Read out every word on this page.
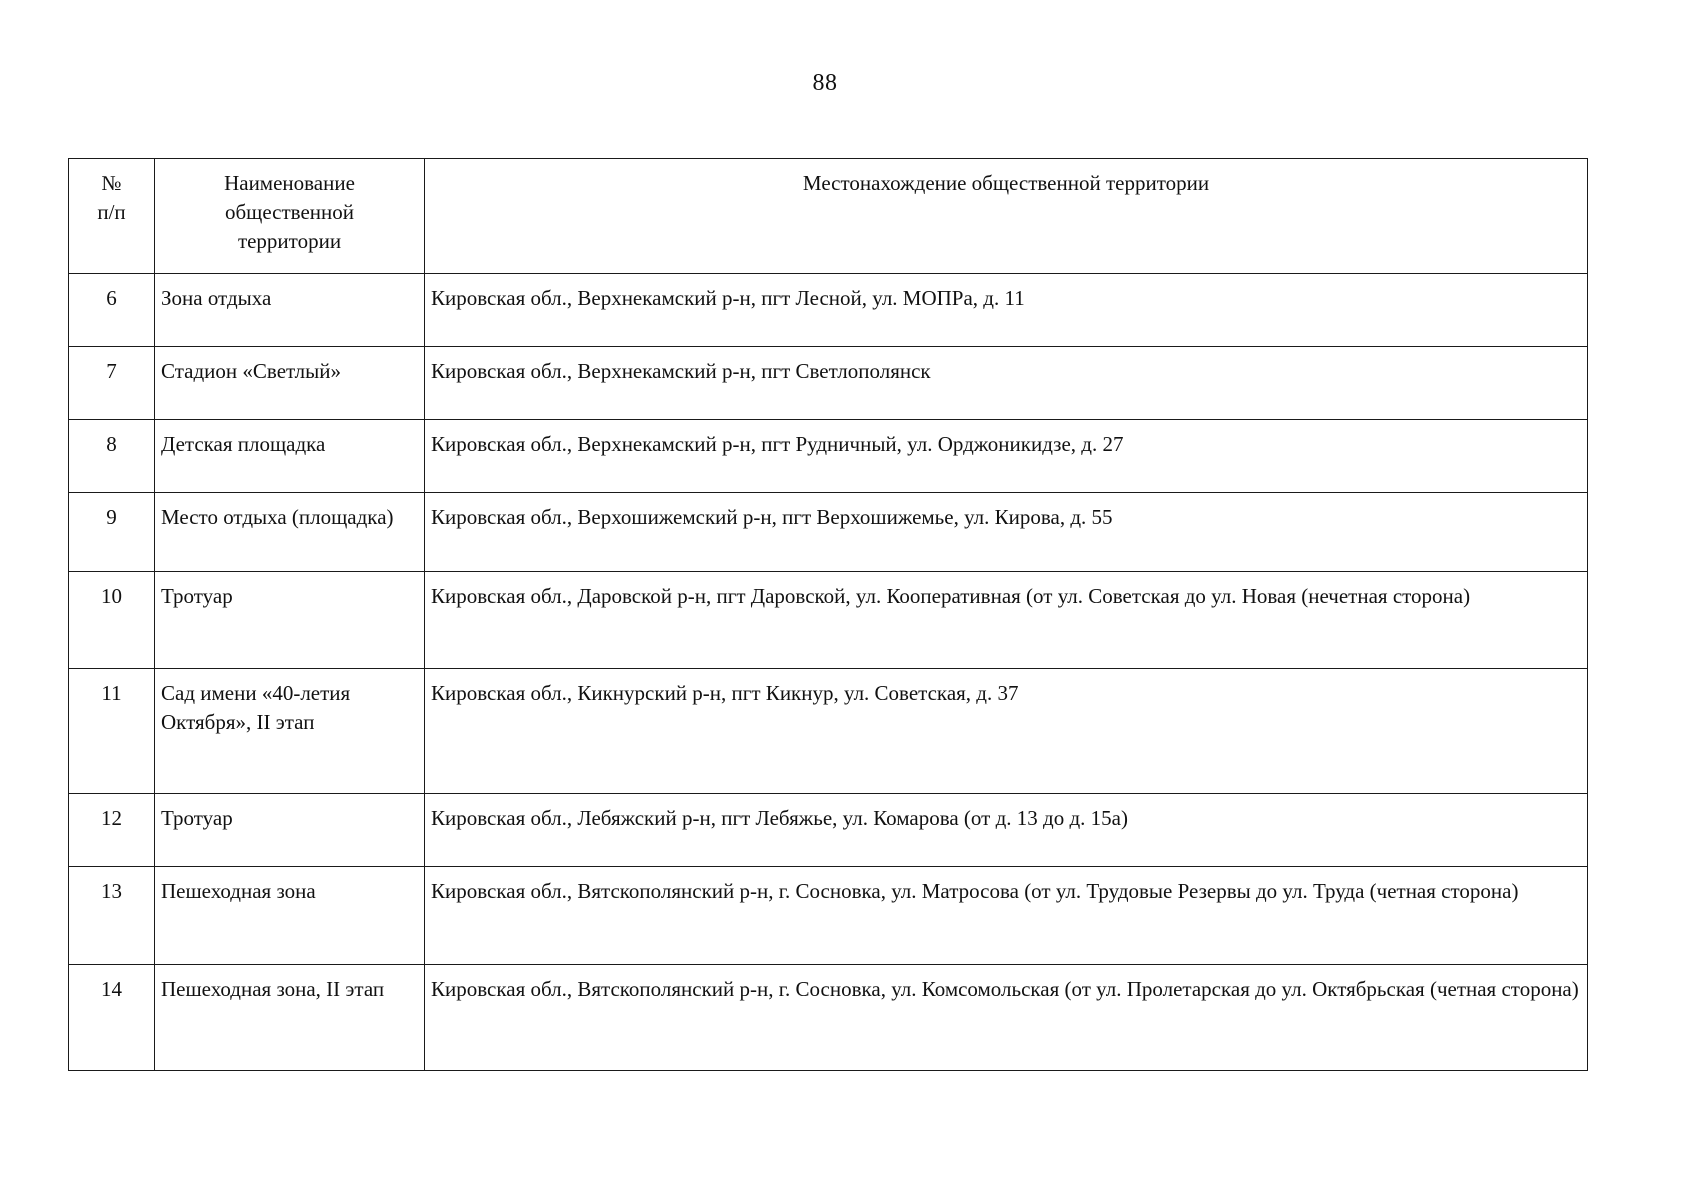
88
№ п/п	Наименование общественной территории	Местонахождение общественной территории
6	Зона отдыха	Кировская обл., Верхнекамский р-н, пгт Лесной, ул. МОПРа, д. 11
7	Стадион «Светлый»	Кировская обл., Верхнекамский р-н, пгт Светлополянск
8	Детская площадка	Кировская обл., Верхнекамский р-н, пгт Рудничный, ул. Орджоникидзе, д. 27
9	Место отдыха (площадка)	Кировская обл., Верхошижемский р-н, пгт Верхошижемье, ул. Кирова, д. 55
10	Тротуар	Кировская обл., Даровской р-н, пгт Даровской, ул. Кооперативная (от ул. Советская до ул. Новая (нечетная сторона)
11	Сад имени «40-летия Октября», II этап	Кировская обл., Кикнурский р-н, пгт Кикнур, ул. Советская, д. 37
12	Тротуар	Кировская обл., Лебяжский р-н, пгт Лебяжье, ул. Комарова (от д. 13 до д. 15а)
13	Пешеходная зона	Кировская обл., Вятскополянский р-н, г. Сосновка, ул. Матросова (от ул. Трудовые Резервы до ул. Труда (четная сторона)
14	Пешеходная зона, II этап	Кировская обл., Вятскополянский р-н, г. Сосновка, ул. Комсомольская (от ул. Пролетарская до ул. Октябрьская (четная сторона)
